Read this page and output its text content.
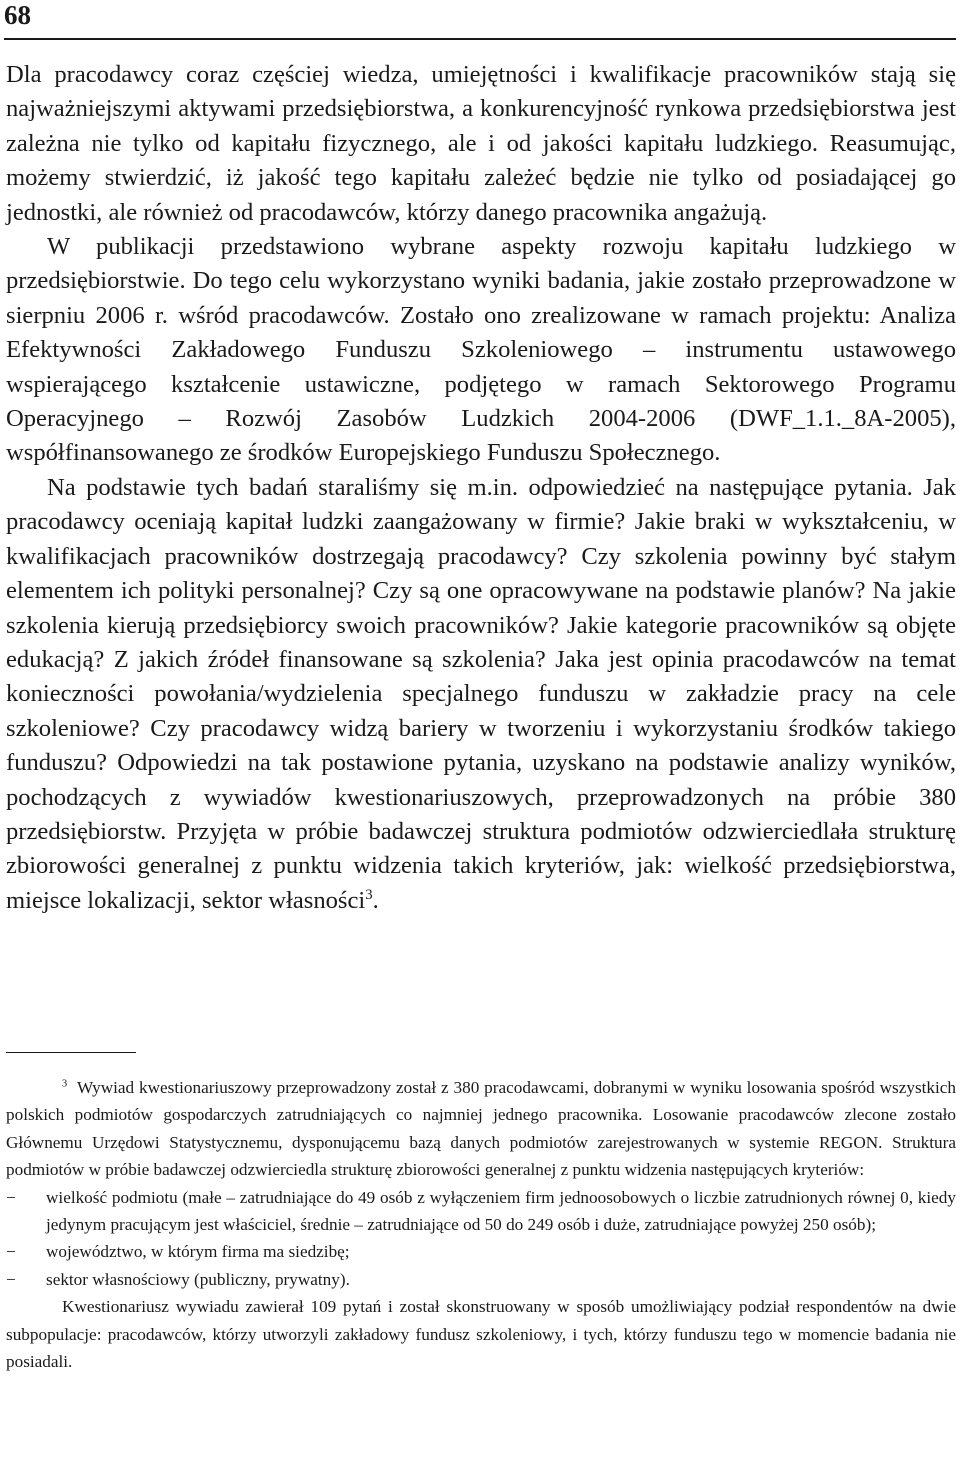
68

Dla pracodawcy coraz częściej wiedza, umiejętności i kwalifikacje pracowników stają się najważniejszymi aktywami przedsiębiorstwa, a konkurencyjność rynkowa przedsiębiorstwa jest zależna nie tylko od kapitału fizycznego, ale i od jakości kapitału ludzkiego. Reasumując, możemy stwierdzić, iż jakość tego kapitału zależeć będzie nie tylko od posiadającej go jednostki, ale również od pracodawców, którzy danego pracownika angażują.

W publikacji przedstawiono wybrane aspekty rozwoju kapitału ludzkiego w przedsiębiorstwie. Do tego celu wykorzystano wyniki badania, jakie zostało przeprowadzone w sierpniu 2006 r. wśród pracodawców. Zostało ono zrealizowane w ramach projektu: Analiza Efektywności Zakładowego Funduszu Szkoleniowego – instrumentu ustawowego wspierającego kształcenie ustawiczne, podjętego w ramach Sektorowego Programu Operacyjnego – Rozwój Zasobów Ludzkich 2004-2006 (DWF_1.1._8A-2005), współfinansowanego ze środków Europejskiego Funduszu Społecznego.

Na podstawie tych badań staraliśmy się m.in. odpowiedzieć na następujące pytania. Jak pracodawcy oceniają kapitał ludzki zaangażowany w firmie? Jakie braki w wykształceniu, w kwalifikacjach pracowników dostrzegają pracodawcy? Czy szkolenia powinny być stałym elementem ich polityki personalnej? Czy są one opracowywane na podstawie planów? Na jakie szkolenia kierują przedsiębiorcy swoich pracowników? Jakie kategorie pracowników są objęte edukacją? Z jakich źródeł finansowane są szkolenia? Jaka jest opinia pracodawców na temat konieczności powołania/wydzielenia specjalnego funduszu w zakładzie pracy na cele szkoleniowe? Czy pracodawcy widzą bariery w tworzeniu i wykorzystaniu środków takiego funduszu? Odpowiedzi na tak postawione pytania, uzyskano na podstawie analizy wyników, pochodzących z wywiadów kwestionariuszowych, przeprowadzonych na próbie 380 przedsiębiorstw. Przyjęta w próbie badawczej struktura podmiotów odzwierciedlała strukturę zbiorowości generalnej z punktu widzenia takich kryteriów, jak: wielkość przedsiębiorstwa, miejsce lokalizacji, sektor własności$^3$.

$^3$ Wywiad kwestionariuszowy przeprowadzony został z 380 pracodawcami, dobranymi w wyniku losowania spośród wszystkich polskich podmiotów gospodarczych zatrudniających co najmniej jednego pracownika. Losowanie pracodawców zlecone zostało Głównemu Urzędowi Statystycznemu, dysponującemu bazą danych podmiotów zarejestrowanych w systemie REGON. Struktura podmiotów w próbie badawczej odzwierciedla strukturę zbiorowości generalnej z punktu widzenia następujących kryteriów:

− wielkość podmiotu (małe – zatrudniające do 49 osób z wyłączeniem firm jednoosobowych o liczbie zatrudnionych równej 0, kiedy jedynym pracującym jest właściciel, średnie – zatrudniające od 50 do 249 osób i duże, zatrudniające powyżej 250 osób);
− województwo, w którym firma ma siedzibę;
− sektor własnościowy (publiczny, prywatny).

Kwestionariusz wywiadu zawierał 109 pytań i został skonstruowany w sposób umożliwiający podział respondentów na dwie subpopulacje: pracodawców, którzy utworzyli zakładowy fundusz szkoleniowy, i tych, którzy funduszu tego w momencie badania nie posiadali.
